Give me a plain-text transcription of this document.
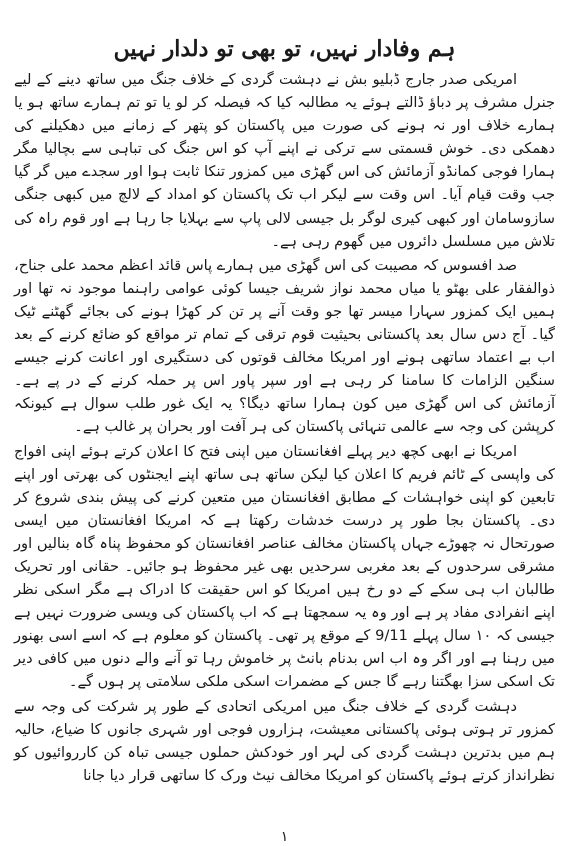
ہم وفادار نہیں، تو بھی تو دلدار نہیں

امریکی صدر جارج ڈبلیو بش نے دہشت گردی کے خلاف جنگ میں ساتھ دینے کے لیے جنرل مشرف پر دباؤ ڈالتے ہوئے یہ مطالبہ کیا کہ فیصلہ کر لو یا تو تم ہمارے ساتھ ہو یا ہمارے خلاف اور نہ ہونے کی صورت میں پاکستان کو پتھر کے زمانے میں دھکیلنے کی دھمکی دی۔ خوش قسمتی سے ترکی نے اپنے آپ کو اس جنگ کی تباہی سے بچالیا مگر ہمارا فوجی کمانڈو آزمائش کی اس گھڑی میں کمزور تنکا ثابت ہوا اور سجدے میں گر گیا جب وقت قیام آیا۔ اس وقت سے لیکر اب تک پاکستان کو امداد کے لالچ میں کبھی جنگی سازوسامان اور کبھی کیری لوگر بل جیسی لالی پاپ سے بہلایا جا رہا ہے اور قوم راہ کی تلاش میں مسلسل دائروں میں گھوم رہی ہے۔

صد افسوس کہ مصیبت کی اس گھڑی میں ہمارے پاس قائد اعظم محمد علی جناح، ذوالفقار علی بھٹو یا میاں محمد نواز شریف جیسا کوئی عوامی راہنما موجود نہ تھا اور ہمیں ایک کمزور سہارا میسر تھا جو وقت آنے پر تن کر کھڑا ہونے کی بجائے گھٹنے ٹیک گیا۔ آج دس سال بعد پاکستانی بحیثیت قوم ترقی کے تمام تر مواقع کو ضائع کرنے کے بعد اب بے اعتماد ساتھی ہونے اور امریکا مخالف قوتوں کی دستگیری اور اعانت کرنے جیسے سنگین الزامات کا سامنا کر رہی ہے اور سپر پاور اس پر حملہ کرنے کے در پے ہے۔ آزمائش کی اس گھڑی میں کون ہمارا ساتھ دیگا؟ یہ ایک غور طلب سوال ہے کیونکہ کرپشن کی وجہ سے عالمی تنہائی پاکستان کی ہر آفت اور بحران پر غالب ہے۔

امریکا نے ابھی کچھ دیر پہلے افغانستان میں اپنی فتح کا اعلان کرتے ہوئے اپنی افواج کی واپسی کے ٹائم فریم کا اعلان کیا لیکن ساتھ ہی ساتھ اپنے ایجنٹوں کی بھرتی اور اپنے تابعین کو اپنی خواہشات کے مطابق افغانستان میں متعین کرنے کی پیش بندی شروع کر دی۔ پاکستان بجا طور پر درست خدشات رکھتا ہے کہ امریکا افغانستان میں ایسی صورتحال نہ چھوڑے جہاں پاکستان مخالف عناصر افغانستان کو محفوظ پناہ گاہ بنالیں اور مشرقی سرحدوں کے بعد مغربی سرحدیں بھی غیر محفوظ ہو جائیں۔ حقانی اور تحریک طالبان اب ہی سکے کے دو رخ ہیں امریکا کو اس حقیقت کا ادراک ہے مگر اسکی نظر اپنے انفرادی مفاد پر ہے اور وہ یہ سمجھتا ہے کہ اب پاکستان کی ویسی ضرورت نہیں ہے جیسی کہ ۱۰ سال پہلے 9/11 کے موقع پر تھی۔ پاکستان کو معلوم ہے کہ اسے اسی بھنور میں رہنا ہے اور اگر وہ اب اس بدنام بانٹ پر خاموش رہا تو آنے والے دنوں میں کافی دیر تک اسکی سزا بھگتنا رہے گا جس کے مضمرات اسکی ملکی سلامتی پر ہوں گے۔

دہشت گردی کے خلاف جنگ میں امریکی اتحادی کے طور پر شرکت کی وجہ سے کمزور تر ہوتی ہوئی پاکستانی معیشت، ہزاروں فوجی اور شہری جانوں کا ضیاع، حالیہ ہم میں بدترین دہشت گردی کی لہر اور خودکش حملوں جیسی تباہ کن کارروائیوں کو نظرانداز کرتے ہوئے پاکستان کو امریکا مخالف نیٹ ورک کا ساتھی قرار دیا جانا

۱
